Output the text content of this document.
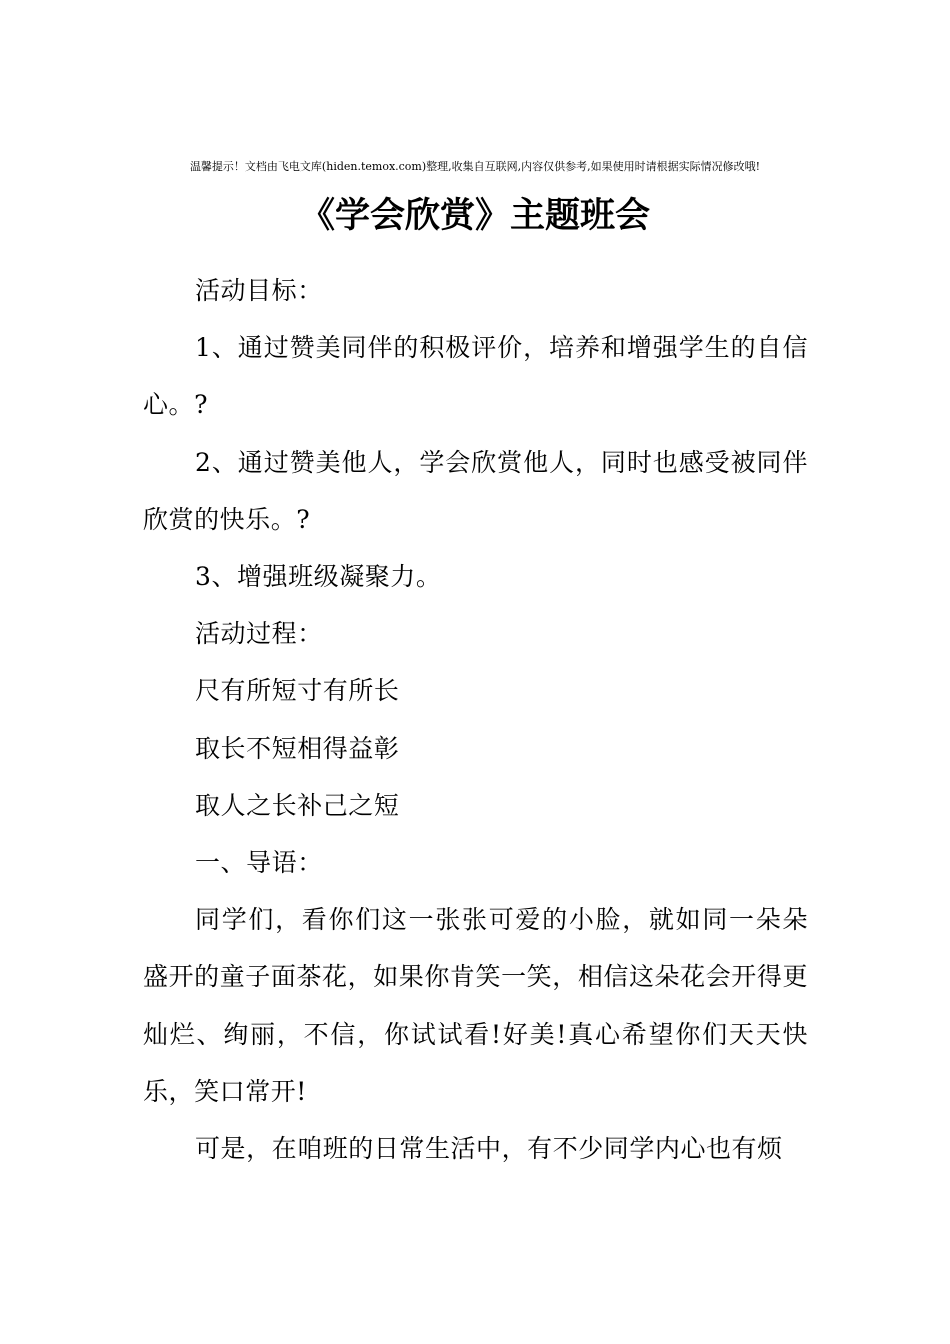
温馨提示！文档由飞电文库(hiden.temox.com)整理,收集自互联网,内容仅供参考,如果使用时请根据实际情况修改哦!
《学会欣赏》主题班会

活动目标：

1、通过赞美同伴的积极评价，培养和增强学生的自信心。?

2、通过赞美他人，学会欣赏他人，同时也感受被同伴欣赏的快乐。?

3、增强班级凝聚力。

活动过程：

尺有所短寸有所长

取长不短相得益彰

取人之长补己之短

一、导语：

同学们，看你们这一张张可爱的小脸，就如同一朵朵盛开的童子面茶花，如果你肯笑一笑，相信这朵花会开得更灿烂、绚丽，不信，你试试看!好美!真心希望你们天天快乐，笑口常开!

可是，在咱班的日常生活中，有不少同学内心也有烦
